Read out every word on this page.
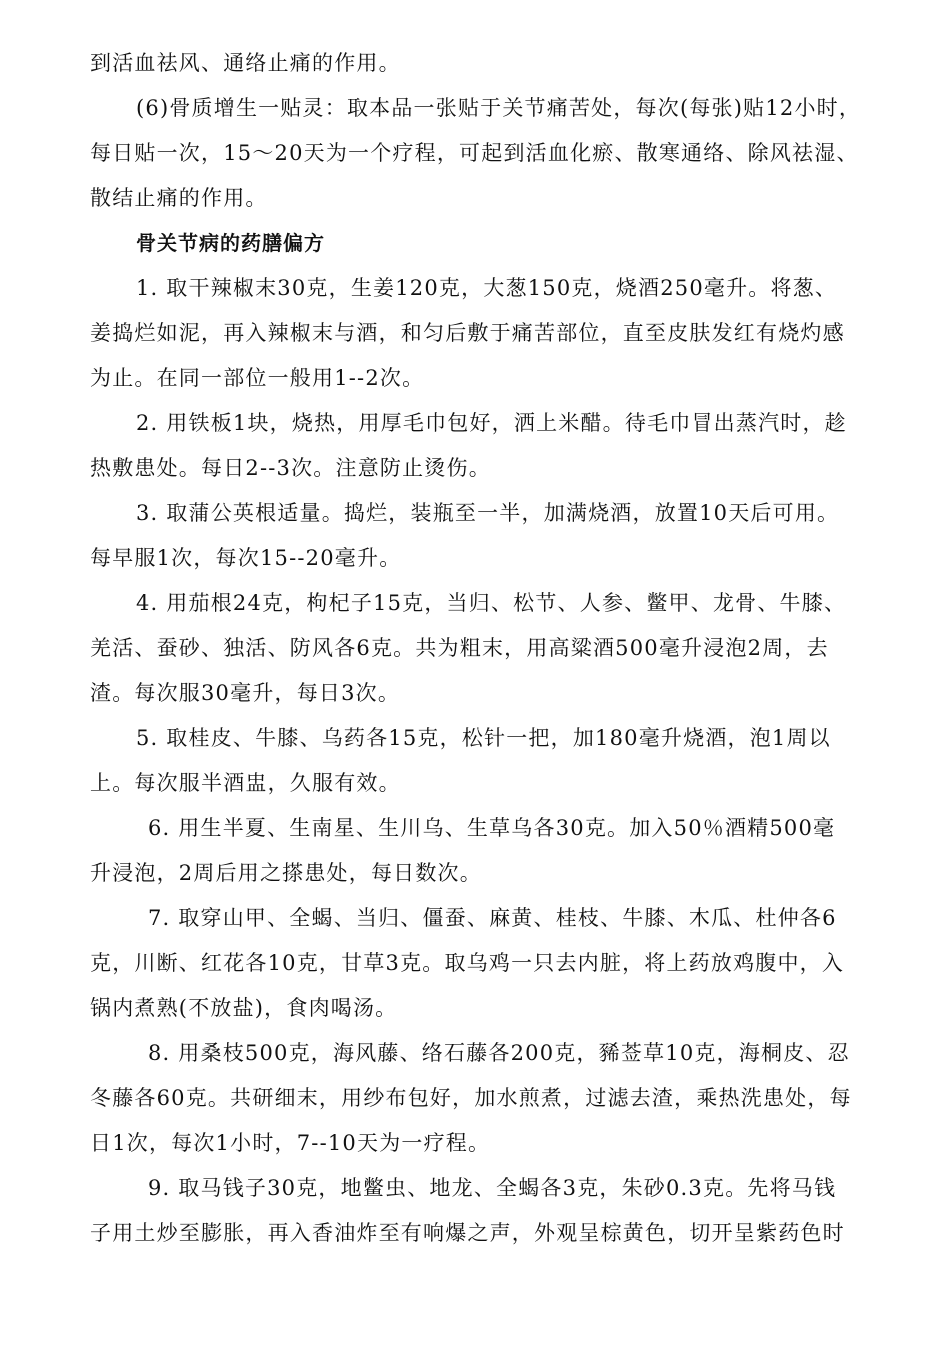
到活血祛风、通络止痛的作用。

(6)骨质增生一贴灵：取本品一张贴于关节痛苦处，每次(每张)贴12小时，

每日贴一次，15～20天为一个疗程，可起到活血化瘀、散寒通络、除风祛湿、

散结止痛的作用。

骨关节病的药膳偏方

1. 取干辣椒末30克，生姜120克，大葱150克，烧酒250毫升。将葱、

姜捣烂如泥，再入辣椒末与酒，和匀后敷于痛苦部位，直至皮肤发红有烧灼感

为止。在同一部位一般用1--2次。

2. 用铁板1块，烧热，用厚毛巾包好，洒上米醋。待毛巾冒出蒸汽时，趁

热敷患处。每日2--3次。注意防止烫伤。

3. 取蒲公英根适量。捣烂，装瓶至一半，加满烧酒，放置10天后可用。

每早服1次，每次15--20毫升。

4. 用茄根24克，枸杞子15克，当归、松节、人参、鳖甲、龙骨、牛膝、

羌活、蚕砂、独活、防风各6克。共为粗末，用高粱酒500毫升浸泡2周，去

渣。每次服30毫升，每日3次。

5. 取桂皮、牛膝、乌药各15克，松针一把，加180毫升烧酒，泡1周以

上。每次服半酒盅，久服有效。

6. 用生半夏、生南星、生川乌、生草乌各30克。加入50％酒精500毫

升浸泡，2周后用之搽患处，每日数次。

7. 取穿山甲、全蝎、当归、僵蚕、麻黄、桂枝、牛膝、木瓜、杜仲各6

克，川断、红花各10克，甘草3克。取乌鸡一只去内脏，将上药放鸡腹中，入

锅内煮熟(不放盐)，食肉喝汤。

8. 用桑枝500克，海风藤、络石藤各200克，豨莶草10克，海桐皮、忍

冬藤各60克。共研细末，用纱布包好，加水煎煮，过滤去渣，乘热洗患处，每

日1次，每次1小时，7--10天为一疗程。

9. 取马钱子30克，地鳖虫、地龙、全蝎各3克，朱砂0.3克。先将马钱

子用土炒至膨胀，再入香油炸至有响爆之声，外观呈棕黄色，切开呈紫药色时
